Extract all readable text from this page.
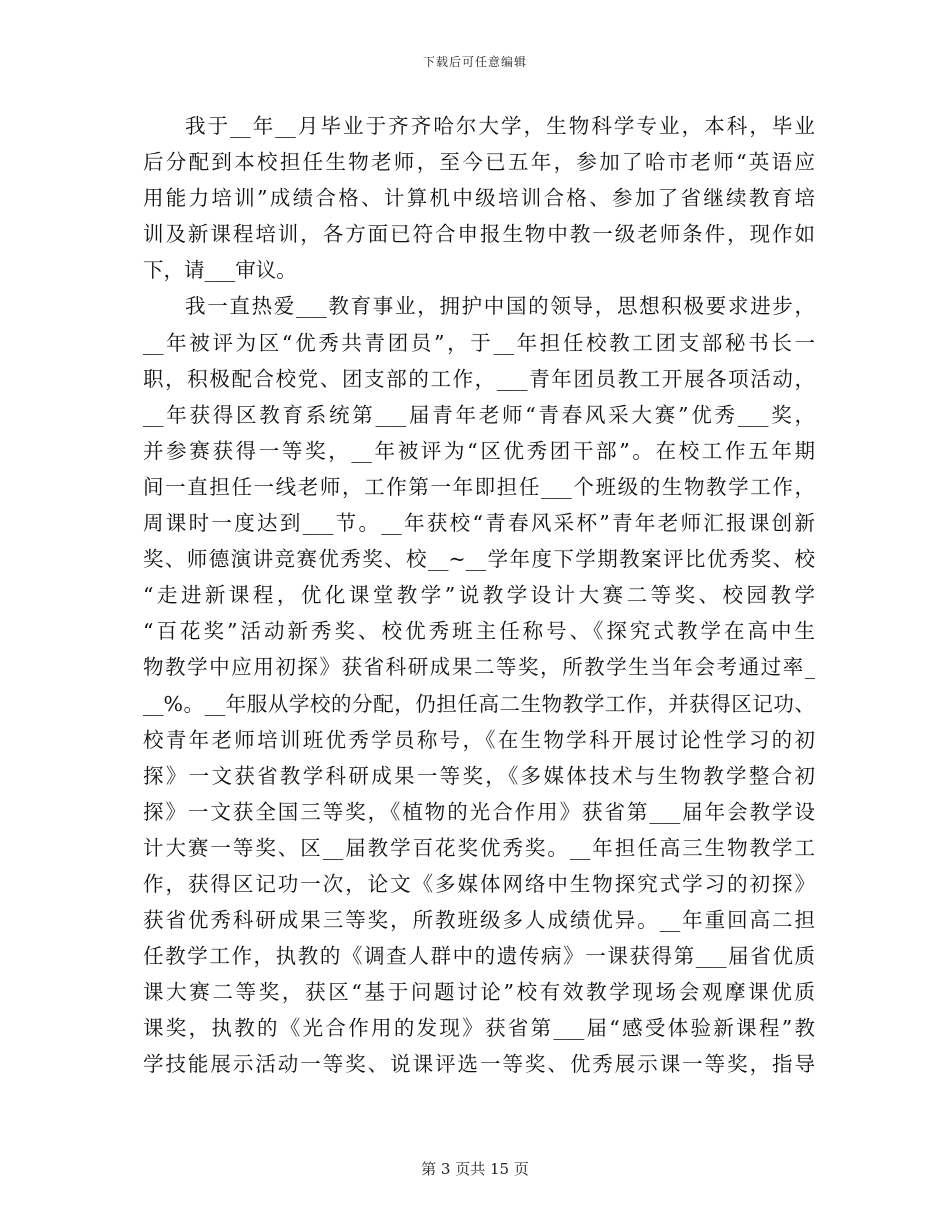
下载后可任意编辑
我于__年__月毕业于齐齐哈尔大学，生物科学专业，本科，毕业
后分配到本校担任生物老师，至今已五年，参加了哈市老师“英语应
用能力培训”成绩合格、计算机中级培训合格、参加了省继续教育培
训及新课程培训，各方面已符合申报生物中教一级老师条件，现作如
下，请___审议。
我一直热爱___教育事业，拥护中国的领导，思想积极要求进步，
__年被评为区“优秀共青团员”，于__年担任校教工团支部秘书长一
职，积极配合校党、团支部的工作，___青年团员教工开展各项活动，
__年获得区教育系统第___届青年老师“青春风采大赛”优秀___奖，
并参赛获得一等奖，__年被评为“区优秀团干部”。在校工作五年期
间一直担任一线老师，工作第一年即担任___个班级的生物教学工作，
周课时一度达到___节。__年获校“青春风采杯”青年老师汇报课创新
奖、师德演讲竞赛优秀奖、校__~__学年度下学期教案评比优秀奖、校
“走进新课程，优化课堂教学”说教学设计大赛二等奖、校园教学
“百花奖”活动新秀奖、校优秀班主任称号、《探究式教学在高中生
物教学中应用初探》获省科研成果二等奖，所教学生当年会考通过率_
__%。__年服从学校的分配，仍担任高二生物教学工作，并获得区记功、
校青年老师培训班优秀学员称号，《在生物学科开展讨论性学习的初
探》一文获省教学科研成果一等奖，《多媒体技术与生物教学整合初
探》一文获全国三等奖，《植物的光合作用》获省第___届年会教学设
计大赛一等奖、区__届教学百花奖优秀奖。__年担任高三生物教学工
作，获得区记功一次，论文《多媒体网络中生物探究式学习的初探》
获省优秀科研成果三等奖，所教班级多人成绩优异。__年重回高二担
任教学工作，执教的《调查人群中的遗传病》一课获得第___届省优质
课大赛二等奖，获区“基于问题讨论”校有效教学现场会观摩课优质
课奖，执教的《光合作用的发现》获省第___届“感受体验新课程”教
学技能展示活动一等奖、说课评选一等奖、优秀展示课一等奖，指导
第 3 页共 15 页
